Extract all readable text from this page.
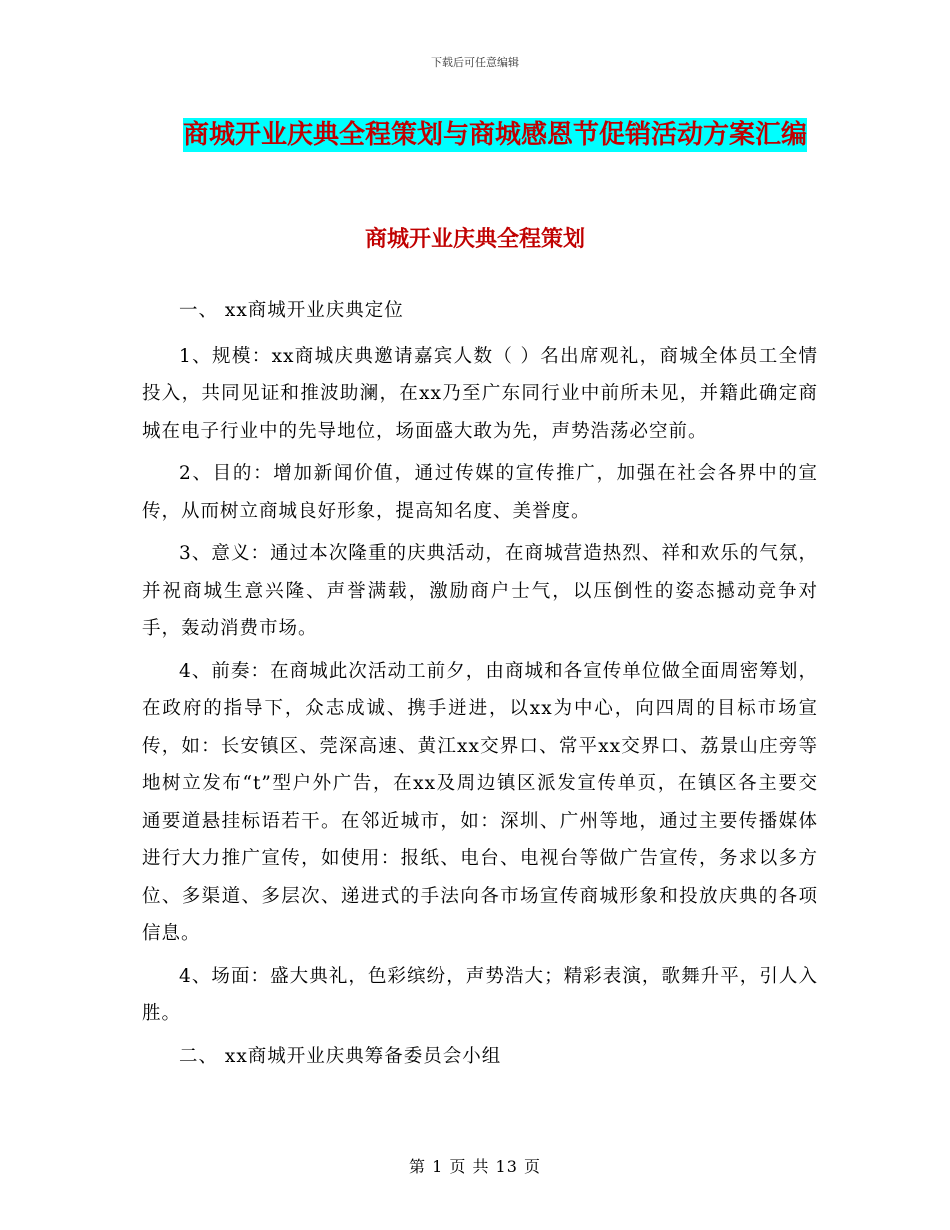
下载后可任意编辑
商城开业庆典全程策划与商城感恩节促销活动方案汇编
商城开业庆典全程策划

一、 xx商城开业庆典定位

1、规模：xx商城庆典邀请嘉宾人数（ ）名出席观礼，商城全体员工全情投入，共同见证和推波助澜，在xx乃至广东同行业中前所未见，并籍此确定商城在电子行业中的先导地位，场面盛大敢为先，声势浩荡必空前。

2、目的：增加新闻价值，通过传媒的宣传推广，加强在社会各界中的宣传，从而树立商城良好形象，提高知名度、美誉度。

3、意义：通过本次隆重的庆典活动，在商城营造热烈、祥和欢乐的气氛，并祝商城生意兴隆、声誉满载，激励商户士气，以压倒性的姿态撼动竞争对手，轰动消费市场。

4、前奏：在商城此次活动工前夕，由商城和各宣传单位做全面周密筹划，在政府的指导下，众志成诚、携手迸进，以xx为中心，向四周的目标市场宣传，如：长安镇区、莞深高速、黄江xx交界口、常平xx交界口、荔景山庄旁等地树立发布“t”型户外广告，在xx及周边镇区派发宣传单页，在镇区各主要交通要道悬挂标语若干。在邻近城市，如：深圳、广州等地，通过主要传播媒体进行大力推广宣传，如使用：报纸、电台、电视台等做广告宣传，务求以多方位、多渠道、多层次、递进式的手法向各市场宣传商城形象和投放庆典的各项信息。

4、场面：盛大典礼，色彩缤纷，声势浩大；精彩表演，歌舞升平，引人入胜。

二、 xx商城开业庆典筹备委员会小组

第 1 页 共 13 页
